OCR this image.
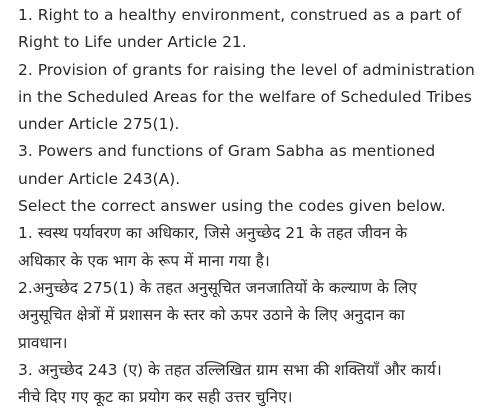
1. Right to a healthy environment, construed as a part of

Right to Life under Article 21.

2. Provision of grants for raising the level of administration

in the Scheduled Areas for the welfare of Scheduled Tribes

under Article 275(1).

3. Powers and functions of Gram Sabha as mentioned

under Article 243(A).

Select the correct answer using the codes given below.

1. स्वस्थ पर्यावरण का अधिकार, जिसे अनुच्छेद 21 के तहत जीवन के

अधिकार के एक भाग के रूप में माना गया है।

2.अनुच्छेद 275(1) के तहत अनुसूचित जनजातियों के कल्याण के लिए

अनुसूचित क्षेत्रों में प्रशासन के स्तर को ऊपर उठाने के लिए अनुदान का

प्रावधान।

3. अनुच्छेद 243 (ए) के तहत उल्लिखित ग्राम सभा की शक्तियाँ और कार्य।

नीचे दिए गए कूट का प्रयोग कर सही उत्तर चुनिए।
